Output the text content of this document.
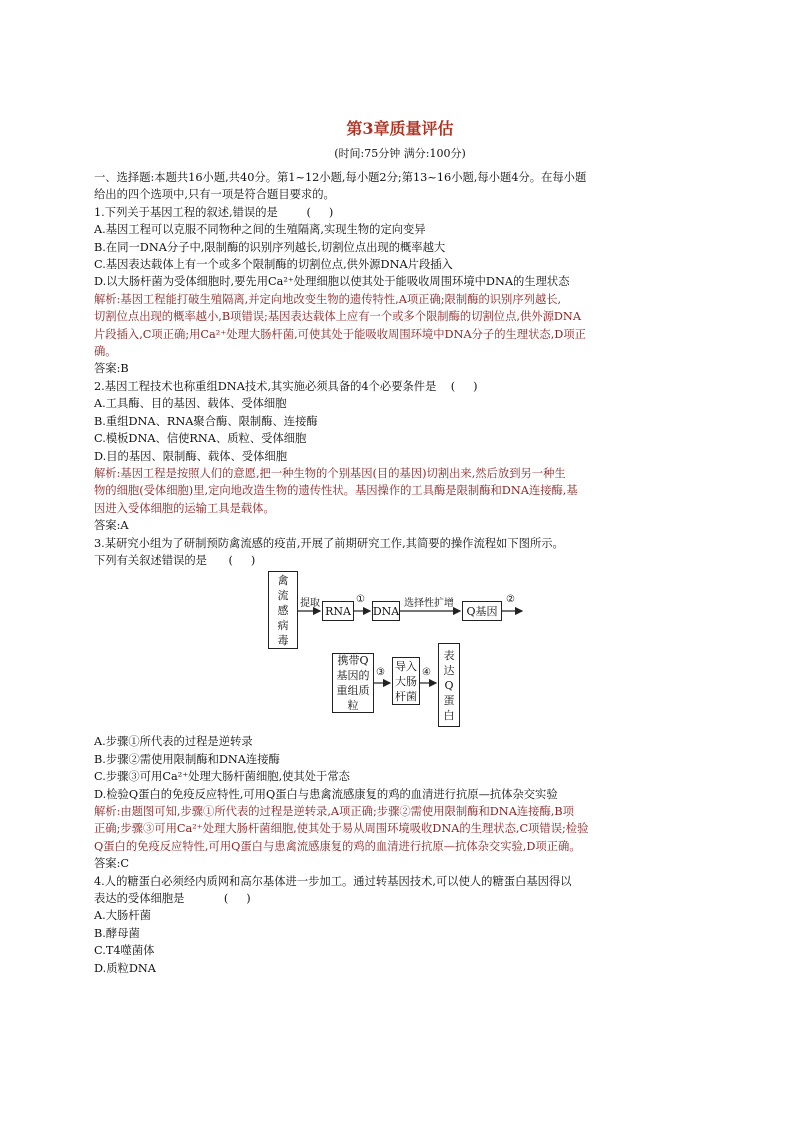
第3章质量评估
(时间:75分钟 满分:100分)
一、选择题:本题共16小题,共40分。第1~12小题,每小题2分;第13~16小题,每小题4分。在每小题
给出的四个选项中,只有一项是符合题目要求的。
1.下列关于基因工程的叙述,错误的是        (     )
A.基因工程可以克服不同物种之间的生殖隔离,实现生物的定向变异
B.在同一DNA分子中,限制酶的识别序列越长,切割位点出现的概率越大
C.基因表达载体上有一个或多个限制酶的切割位点,供外源DNA片段插入
D.以大肠杆菌为受体细胞时,要先用Ca²⁺处理细胞以使其处于能吸收周围环境中DNA的生理状态
解析:基因工程能打破生殖隔离,并定向地改变生物的遗传特性,A项正确;限制酶的识别序列越长,
切割位点出现的概率越小,B项错误;基因表达载体上应有一个或多个限制酶的切割位点,供外源DNA
片段插入,C项正确;用Ca²⁺处理大肠杆菌,可使其处于能吸收周围环境中DNA分子的生理状态,D项正
确。
答案:B
2.基因工程技术也称重组DNA技术,其实施必须具备的4个必要条件是    (     )
A.工具酶、目的基因、载体、受体细胞
B.重组DNA、RNA聚合酶、限制酶、连接酶
C.模板DNA、信使RNA、质粒、受体细胞
D.目的基因、限制酶、载体、受体细胞
解析:基因工程是按照人们的意愿,把一种生物的个别基因(目的基因)切割出来,然后放到另一种生
物的细胞(受体细胞)里,定向地改造生物的遗传性状。基因操作的工具酶是限制酶和DNA连接酶,基
因进入受体细胞的运输工具是载体。
答案:A
3.某研究小组为了研制预防禽流感的疫苗,开展了前期研究工作,其简要的操作流程如下图所示。
下列有关叙述错误的是      (     )
禽
流
感
病
毒
提取
RNA
①
DNA
选择性扩增
Q基因
②
携带Q
基因的
重组质
粒
③ 导入
大肠
杆菌
④
表
达
Q
蛋
白
A.步骤①所代表的过程是逆转录
B.步骤②需使用限制酶和DNA连接酶
C.步骤③可用Ca²⁺处理大肠杆菌细胞,使其处于常态
D.检验Q蛋白的免疫反应特性,可用Q蛋白与患禽流感康复的鸡的血清进行抗原—抗体杂交实验
解析:由题图可知,步骤①所代表的过程是逆转录,A项正确;步骤②需使用限制酶和DNA连接酶,B项
正确;步骤③可用Ca²⁺处理大肠杆菌细胞,使其处于易从周围环境吸收DNA的生理状态,C项错误;检验
Q蛋白的免疫反应特性,可用Q蛋白与患禽流感康复的鸡的血清进行抗原—抗体杂交实验,D项正确。
答案:C
4.人的糖蛋白必须经内质网和高尔基体进一步加工。通过转基因技术,可以使人的糖蛋白基因得以
表达的受体细胞是           (     )
A.大肠杆菌
B.酵母菌
C.T4噬菌体
D.质粒DNA
